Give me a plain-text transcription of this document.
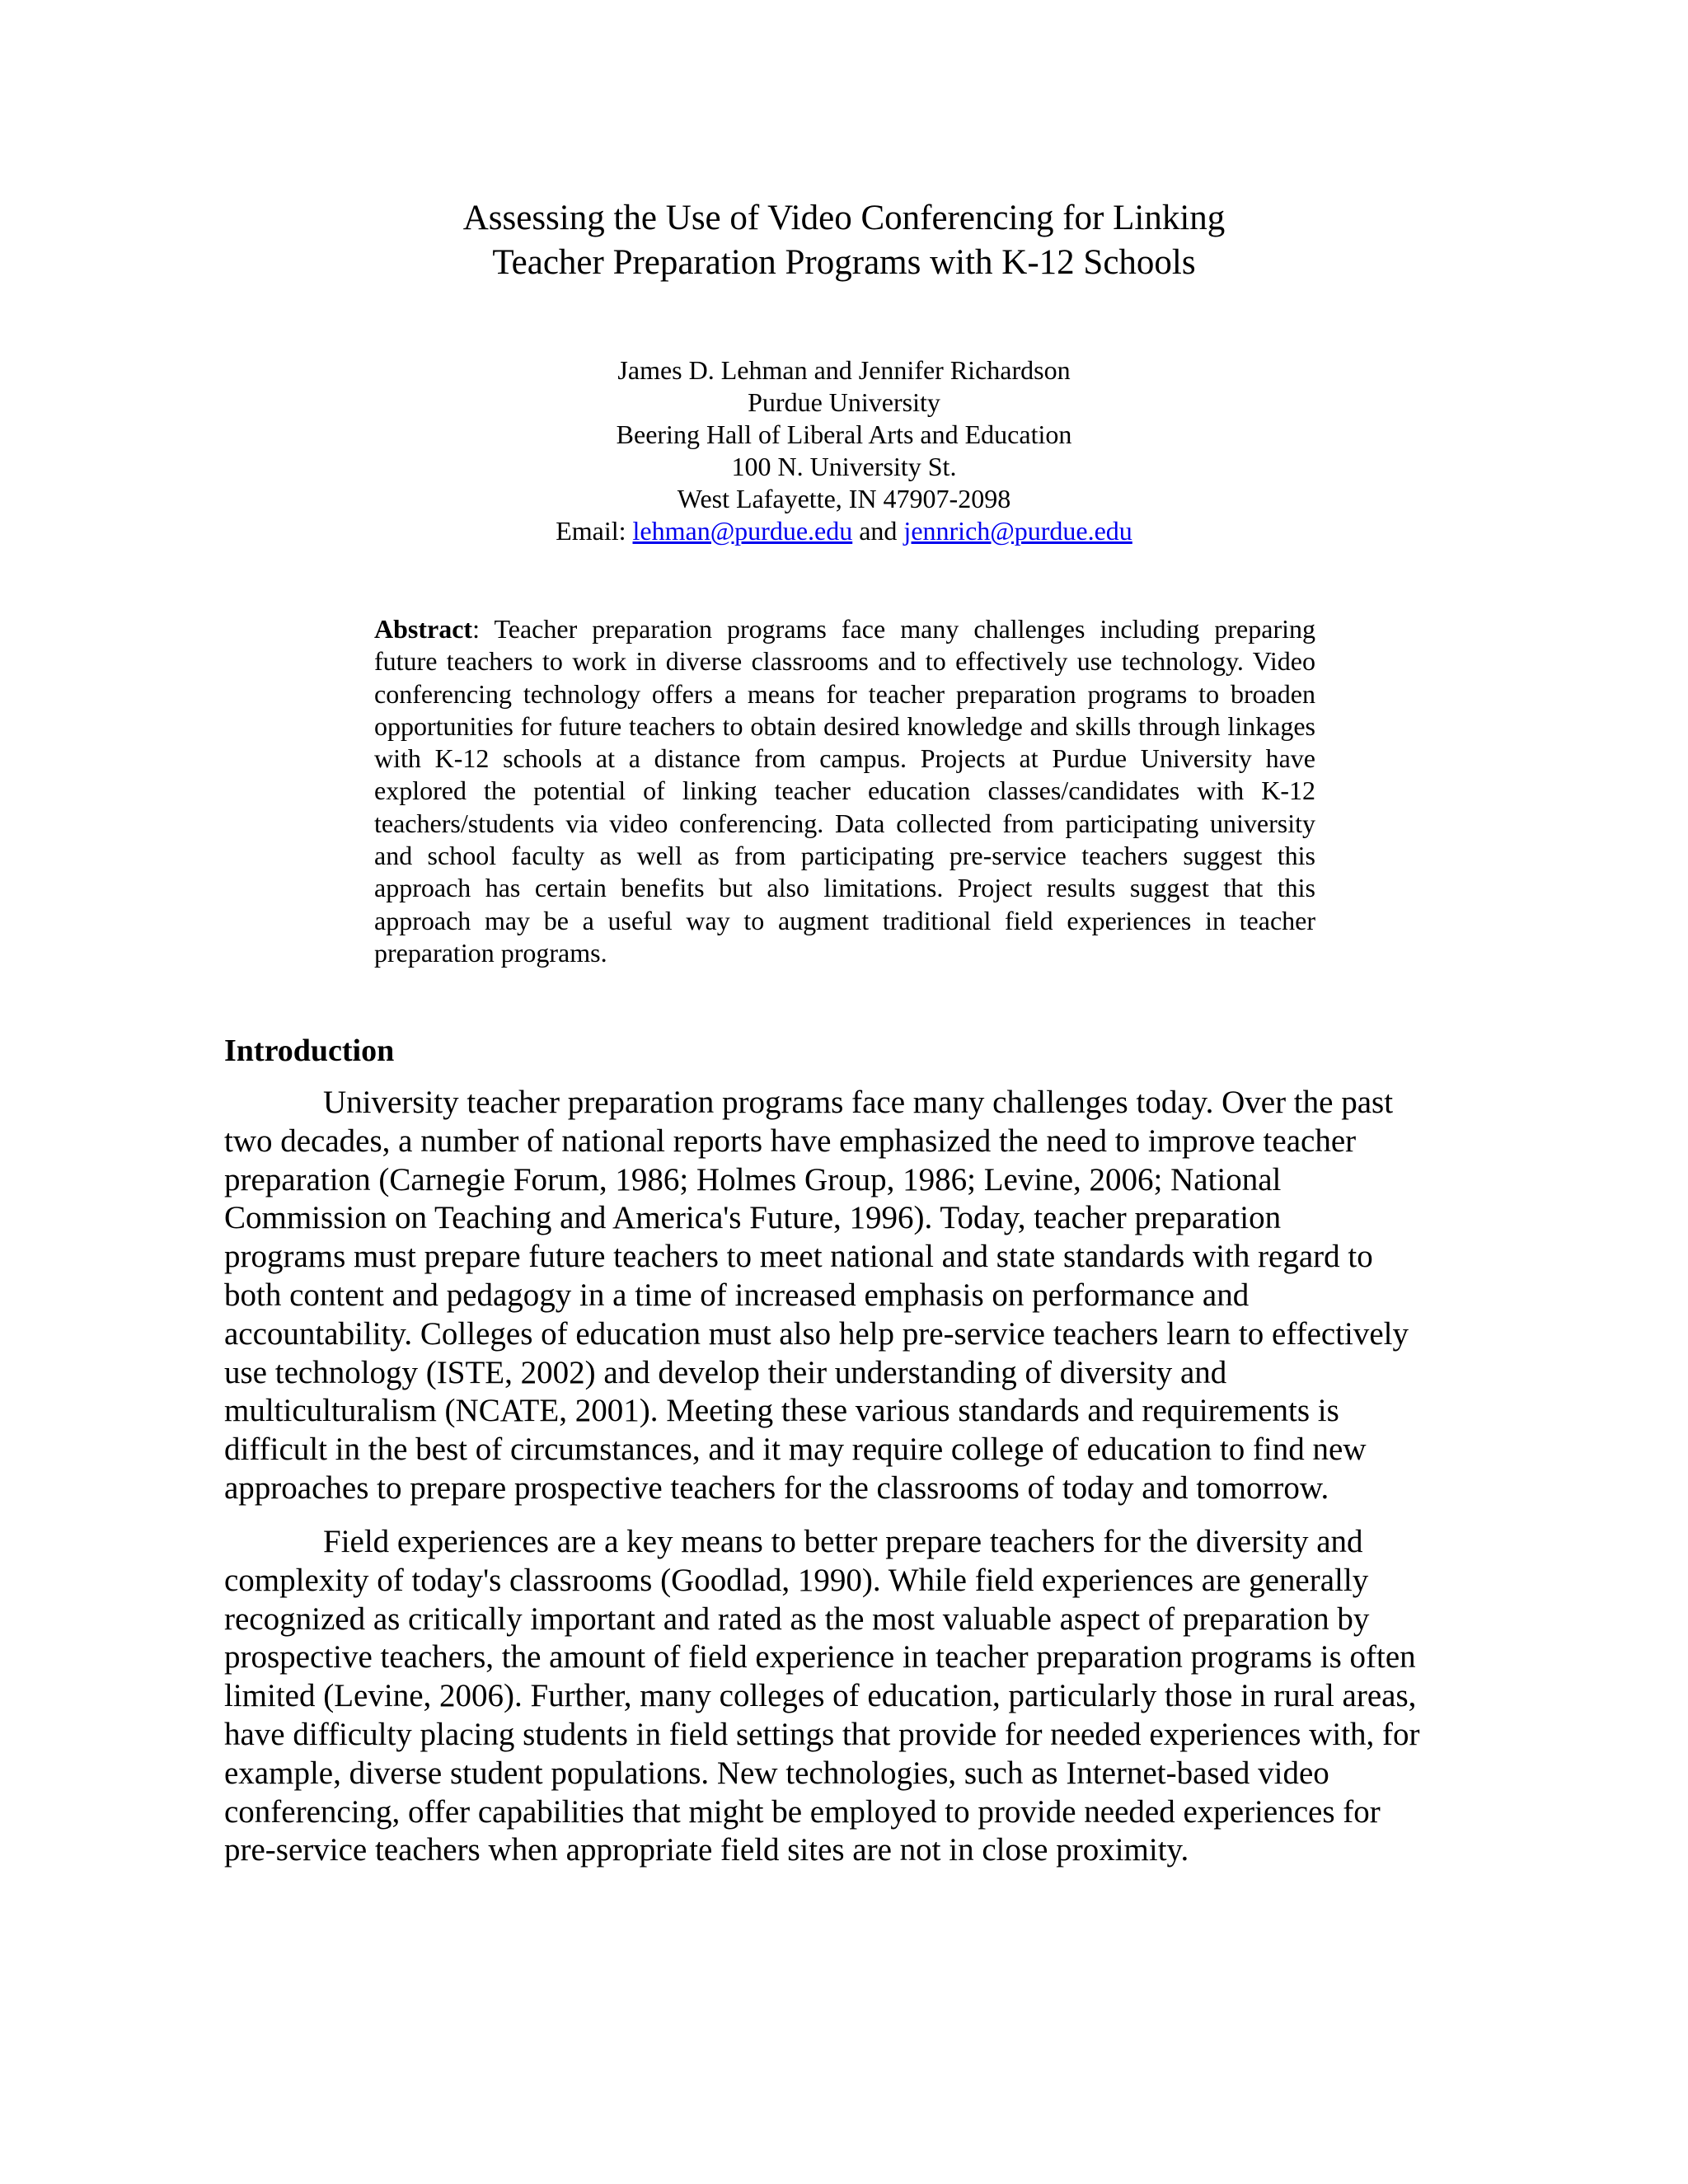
Assessing the Use of Video Conferencing for Linking
Teacher Preparation Programs with K-12 Schools
James D. Lehman and Jennifer Richardson
Purdue University
Beering Hall of Liberal Arts and Education
100 N. University St.
West Lafayette, IN 47907-2098
Email: lehman@purdue.edu and jennrich@purdue.edu
Abstract: Teacher preparation programs face many challenges including preparing future teachers to work in diverse classrooms and to effectively use technology. Video conferencing technology offers a means for teacher preparation programs to broaden opportunities for future teachers to obtain desired knowledge and skills through linkages with K-12 schools at a distance from campus. Projects at Purdue University have explored the potential of linking teacher education classes/candidates with K-12 teachers/students via video conferencing. Data collected from participating university and school faculty as well as from participating pre-service teachers suggest this approach has certain benefits but also limitations. Project results suggest that this approach may be a useful way to augment traditional field experiences in teacher preparation programs.
Introduction
University teacher preparation programs face many challenges today. Over the past
two decades, a number of national reports have emphasized the need to improve teacher
preparation (Carnegie Forum, 1986; Holmes Group, 1986; Levine, 2006; National
Commission on Teaching and America's Future, 1996). Today, teacher preparation
programs must prepare future teachers to meet national and state standards with regard to
both content and pedagogy in a time of increased emphasis on performance and
accountability. Colleges of education must also help pre-service teachers learn to effectively
use technology (ISTE, 2002) and develop their understanding of diversity and
multiculturalism (NCATE, 2001). Meeting these various standards and requirements is
difficult in the best of circumstances, and it may require college of education to find new
approaches to prepare prospective teachers for the classrooms of today and tomorrow.
Field experiences are a key means to better prepare teachers for the diversity and
complexity of today's classrooms (Goodlad, 1990). While field experiences are generally
recognized as critically important and rated as the most valuable aspect of preparation by
prospective teachers, the amount of field experience in teacher preparation programs is often
limited (Levine, 2006). Further, many colleges of education, particularly those in rural areas,
have difficulty placing students in field settings that provide for needed experiences with, for
example, diverse student populations. New technologies, such as Internet-based video
conferencing, offer capabilities that might be employed to provide needed experiences for
pre-service teachers when appropriate field sites are not in close proximity.
